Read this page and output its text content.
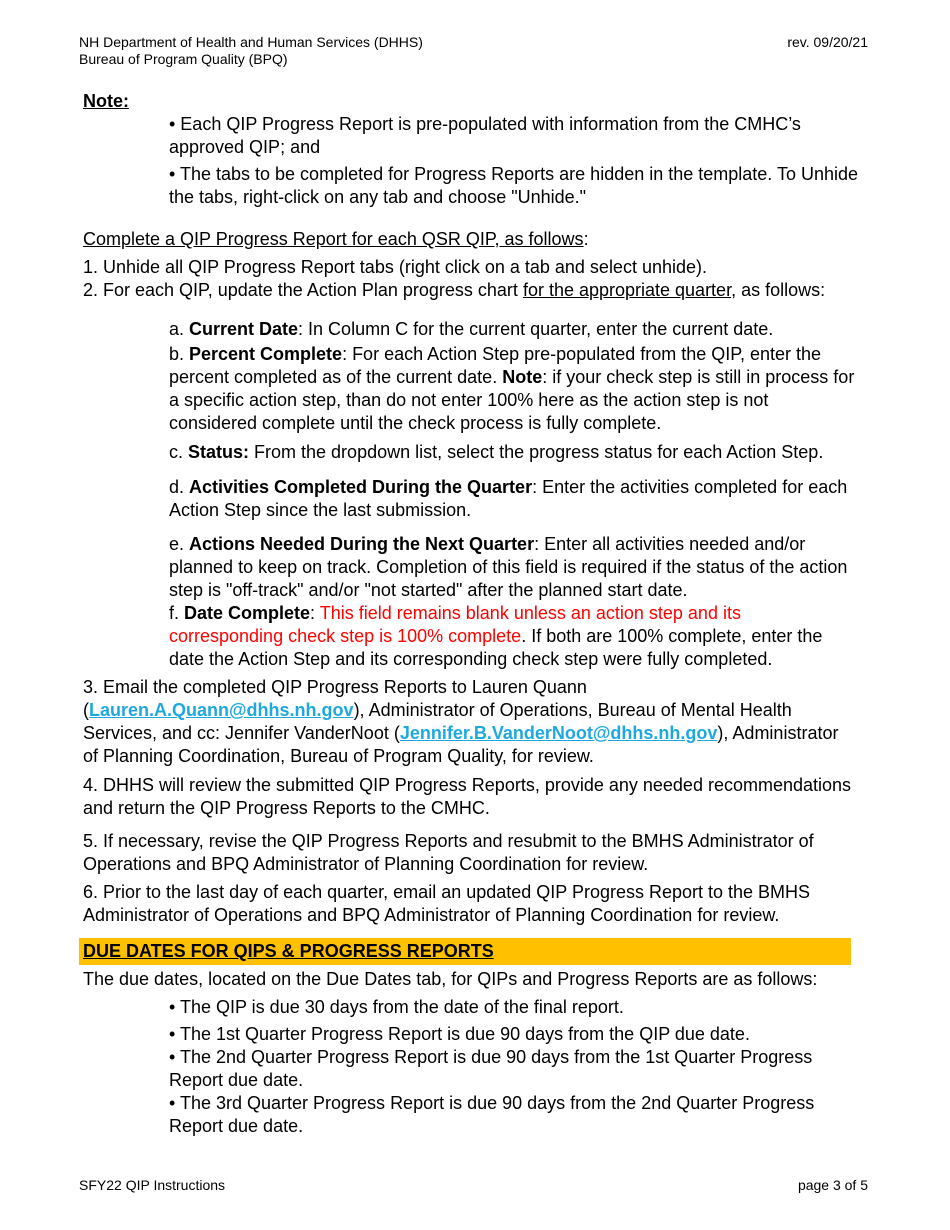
NH Department of Health and Human Services (DHHS)
Bureau of Program Quality (BPQ)
rev. 09/20/21
Note:
• Each QIP Progress Report is pre-populated with information from the CMHC’s approved QIP; and
• The tabs to be completed for Progress Reports are hidden in the template. To Unhide the tabs, right-click on any tab and choose "Unhide."
Complete a QIP Progress Report for each QSR QIP, as follows:
1. Unhide all QIP Progress Report tabs (right click on a tab and select unhide).
2. For each QIP, update the Action Plan progress chart for the appropriate quarter, as follows:
a. Current Date: In Column C for the current quarter, enter the current date.
b. Percent Complete: For each Action Step pre-populated from the QIP, enter the percent completed as of the current date. Note: if your check step is still in process for a specific action step, than do not enter 100% here as the action step is not considered complete until the check process is fully complete.
c. Status: From the dropdown list, select the progress status for each Action Step.
d. Activities Completed During the Quarter: Enter the activities completed for each Action Step since the last submission.
e. Actions Needed During the Next Quarter: Enter all activities needed and/or planned to keep on track. Completion of this field is required if the status of the action step is "off-track" and/or "not started" after the planned start date.
f. Date Complete: This field remains blank unless an action step and its corresponding check step is 100% complete. If both are 100% complete, enter the date the Action Step and its corresponding check step were fully completed.
3. Email the completed QIP Progress Reports to Lauren Quann (Lauren.A.Quann@dhhs.nh.gov), Administrator of Operations, Bureau of Mental Health Services, and cc: Jennifer VanderNoot (Jennifer.B.VanderNoot@dhhs.nh.gov), Administrator of Planning Coordination, Bureau of Program Quality, for review.
4. DHHS will review the submitted QIP Progress Reports, provide any needed recommendations and return the QIP Progress Reports to the CMHC.
5. If necessary, revise the QIP Progress Reports and resubmit to the BMHS Administrator of Operations and BPQ Administrator of Planning Coordination for review.
6. Prior to the last day of each quarter, email an updated QIP Progress Report to the BMHS Administrator of Operations and BPQ Administrator of Planning Coordination for review.
DUE DATES FOR QIPS & PROGRESS REPORTS
The due dates, located on the Due Dates tab, for QIPs and Progress Reports are as follows:
• The QIP is due 30 days from the date of the final report.
• The 1st Quarter Progress Report is due 90 days from the QIP due date.
• The 2nd Quarter Progress Report is due 90 days from the 1st Quarter Progress Report due date.
• The 3rd Quarter Progress Report is due 90 days from the 2nd Quarter Progress Report due date.
SFY22 QIP Instructions	page 3 of 5
